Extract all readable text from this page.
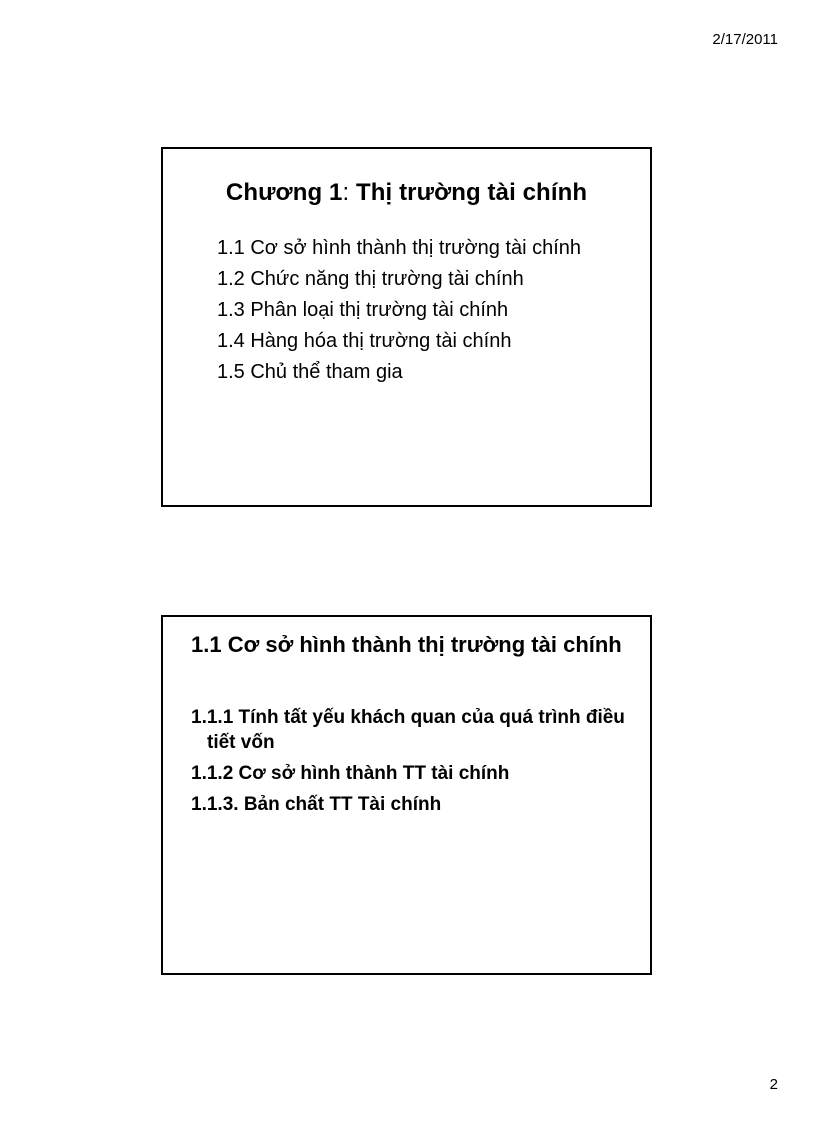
2/17/2011
Chương 1: Thị trường tài chính
1.1 Cơ sở hình thành thị trường tài chính
1.2 Chức năng thị trường tài chính
1.3 Phân loại thị trường tài chính
1.4 Hàng hóa thị trường tài chính
1.5 Chủ thể tham gia
1.1 Cơ sở hình thành thị trường tài chính
1.1.1 Tính tất yếu khách quan của quá trình điều tiết vốn
1.1.2 Cơ sở hình thành TT tài chính
1.1.3. Bản chất TT Tài chính
2
